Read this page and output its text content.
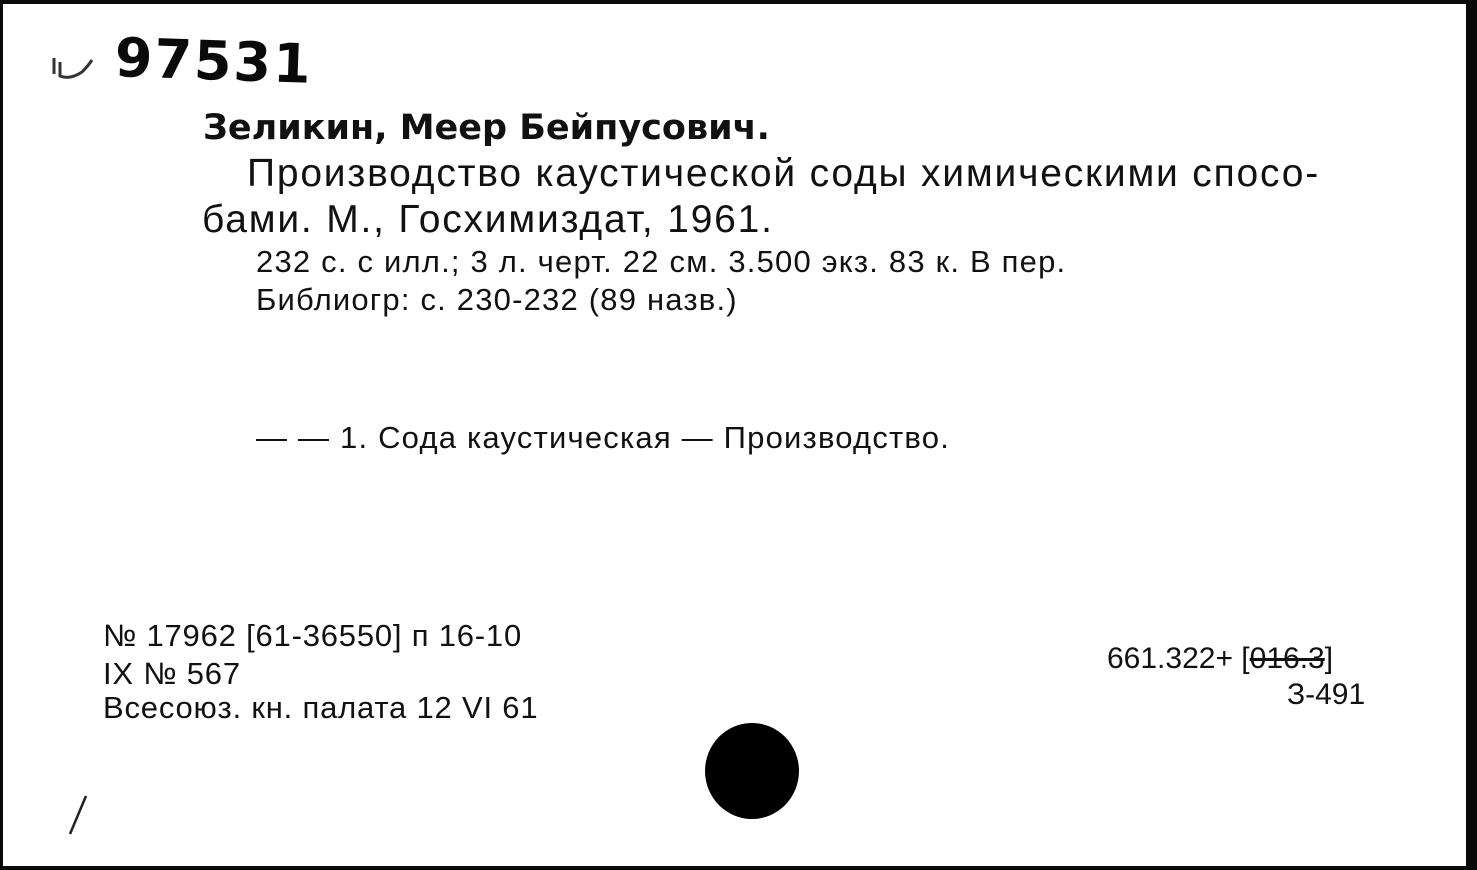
97531
Зеликин, Меер Бейпусович.
Производство каустической соды химическими спосо-
бами. М., Госхимиздат, 1961.
232 с. с илл.; 3 л. черт. 22 см. 3.500 экз. 83 к. В пер.
Библиогр: с. 230-232 (89 назв.)
— — 1. Сода каустическая — Производство.
№ 17962 [61-36550] п 16-10
IX № 567
Всесоюз. кн. палата 12 VI 61
661.322+ [016.3]
З-491
